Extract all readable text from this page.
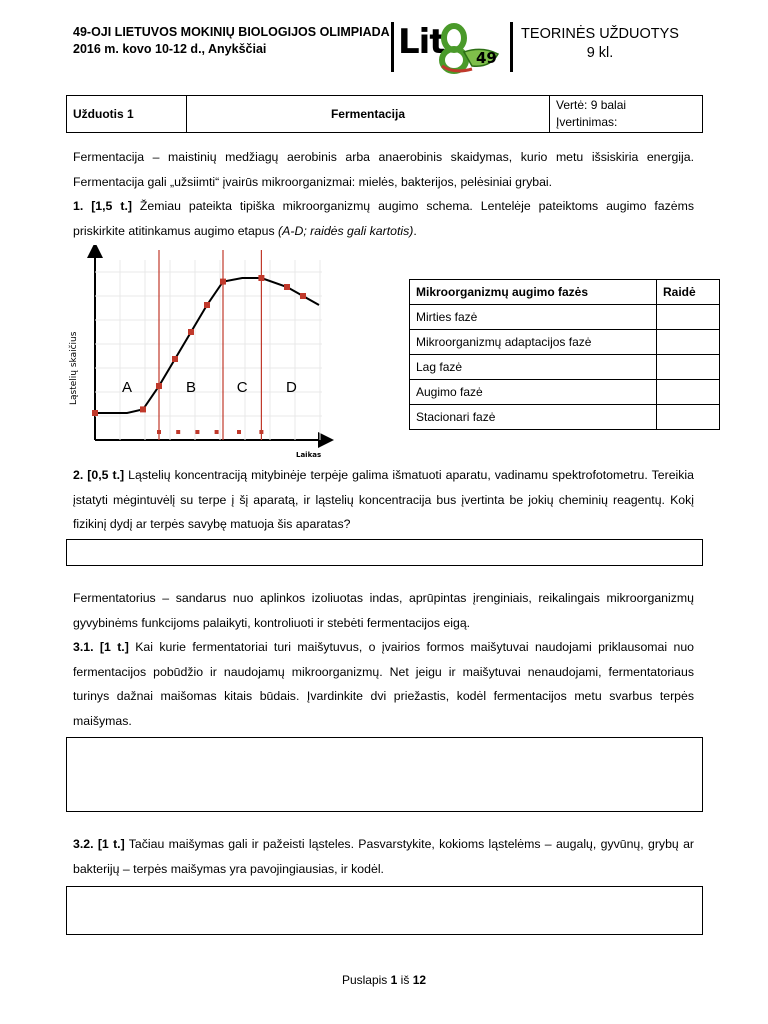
49-OJI LIETUVOS MOKINIŲ BIOLOGIJOS OLIMPIADA
2016 m. kovo 10-12 d., Anykščiai	Lit 49
TEORINĖS UŽDUOTYS
9 kl.
Užduotis 1	Fermentacija	
Vertė: 9 balai
Įvertinimas:

Fermentacija – maistinių medžiagų aerobinis arba anaerobinis skaidymas, kurio metu išsiskiria energija. Fermentacija gali „užsiimti“ įvairūs mikroorganizmai: mielės, bakterijos, pelėsiniai grybai.

1. [1,5 t.] Žemiau pateikta tipiška mikroorganizmų augimo schema. Lentelėje pateiktoms augimo fazėms priskirkite atitinkamus augimo etapus (A-D; raidės gali kartotis).

A	B	C	D
Laikas
Ląstelių skaičius
Mikroorganizmų augimo fazės	Raidė
Mirties fazė	
Mikroorganizmų adaptacijos fazė	
Lag fazė	
Augimo fazė	
Stacionari fazė	

2. [0,5 t.] Ląstelių koncentraciją mitybinėje terpėje galima išmatuoti aparatu, vadinamu spektrofotometru. Tereikia įstatyti mėgintuvėlį su terpe į šį aparatą, ir ląstelių koncentracija bus įvertinta be jokių cheminių reagentų. Kokį fizikinį dydį ar terpės savybę matuoja šis aparatas?

Fermentatorius – sandarus nuo aplinkos izoliuotas indas, aprūpintas įrenginiais, reikalingais mikroorganizmų gyvybinėms funkcijoms palaikyti, kontroliuoti ir stebėti fermentacijos eigą.

3.1. [1 t.] Kai kurie fermentatoriai turi maišytuvus, o įvairios formos maišytuvai naudojami priklausomai nuo fermentacijos pobūdžio ir naudojamų mikroorganizmų. Net jeigu ir maišytuvai nenaudojami, fermentatoriaus turinys dažnai maišomas kitais būdais. Įvardinkite dvi priežastis, kodėl fermentacijos metu svarbus terpės maišymas.

3.2. [1 t.] Tačiau maišymas gali ir pažeisti ląsteles. Pasvarstykite, kokioms ląstelėms – augalų, gyvūnų, grybų ar bakterijų – terpės maišymas yra pavojingiausias, ir kodėl.

Puslapis 1 iš 12
